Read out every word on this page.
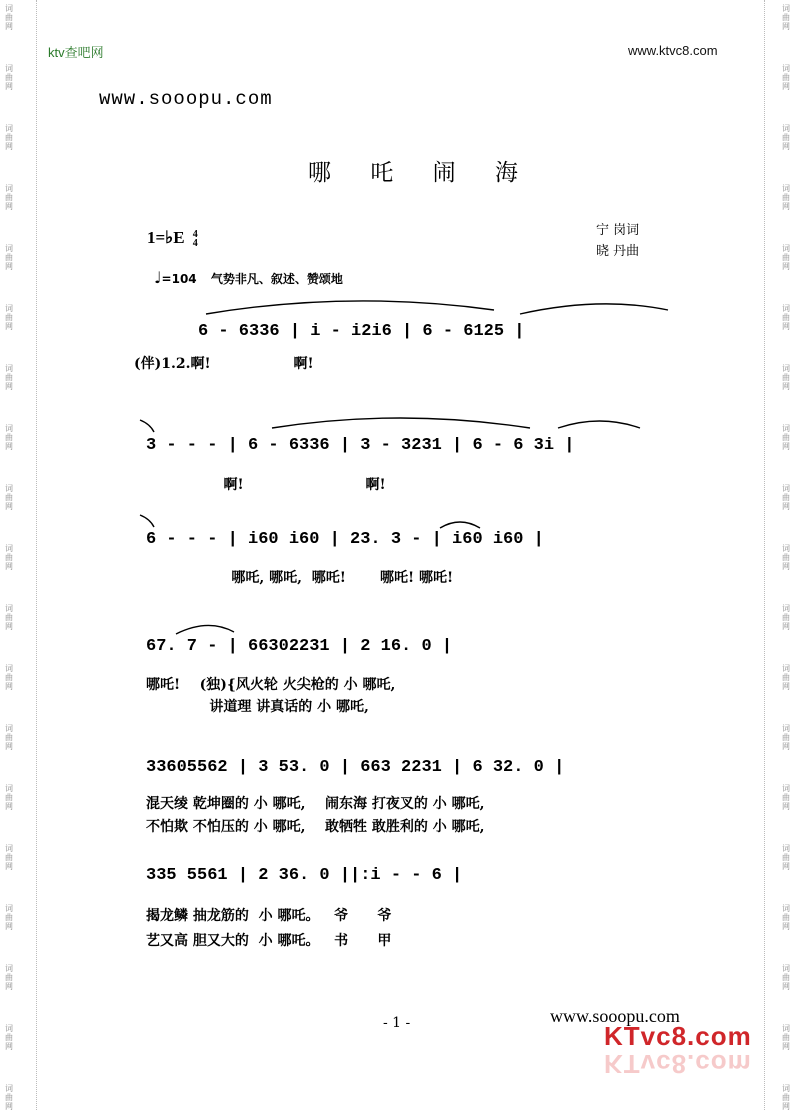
词
曲
网
词
曲
网
词
曲
网
词
曲
网
词
曲
网
词
曲
网
词
曲
网
词
曲
网
词
曲
网
词
曲
网
词
曲
网
词
曲
网
词
曲
网
词
曲
网
词
曲
网
词
曲
网
词
曲
网
词
曲
网
词
曲
网
词
曲
网
词
曲
网
词
曲
网
词
曲
网
词
曲
网
词
曲
网
词
曲
网
词
曲
网
词
曲
网
词
曲
网
词
曲
网
词
曲
网
词
曲
网
词
曲
网
词
曲
网
词
曲
网
词
曲
网
词
曲
网
词
曲
网
ktv查吧网	www.ktvc8.com
www.sooopu.com
哪 吒 闹 海
宁 岗词
晓 丹曲
1=♭E 4
4
♩=104 气势非凡、叙述、赞颂地
6 - 6336 | i - i2i6 | 6 - 6125 |
(伴)1.2.啊!                 啊!
3 - - - | 6 - 6336 | 3 - 3231 | 6 - 6 3i |
啊!                         啊!
6 - - - | i60 i60 | 23. 3 - | i60 i60 |
哪吒, 哪吒,  哪吒!       哪吒! 哪吒!
67. 7 - | 66302231 | 2 16. 0 |
哪吒!    (独){风火轮 火尖枪的 小 哪吒,
讲道理 讲真话的 小 哪吒,
33605562 | 3 53. 0 | 663 2231 | 6 32. 0 |
混天绫 乾坤圈的 小 哪吒,    闹东海 打夜叉的 小 哪吒,
不怕欺 不怕压的 小 哪吒,    敢牺牲 敢胜利的 小 哪吒,
335 5561 | 2 36. 0 ||:i - - 6 |
揭龙鳞 抽龙筋的  小 哪吒。   爷      爷
艺又高 胆又大的  小 哪吒。   书      甲
- 1 -	www.sooopu.com
KTvc8.com
KTvc8.com
